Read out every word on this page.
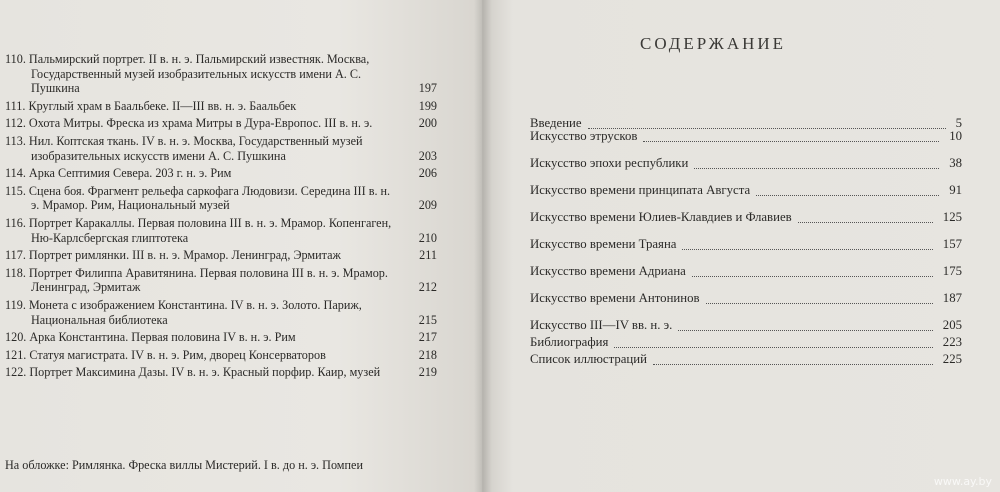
110. Пальмирский портрет. II в. н. э. Пальмирский известняк. Москва, Государственный музей изобразительных искусств имени А. С. Пушкина	197
111. Круглый храм в Баальбеке. II—III вв. н. э. Баальбек	199
112. Охота Митры. Фреска из храма Митры в Дура-Европос. III в. н. э.	200
113. Нил. Коптская ткань. IV в. н. э. Москва, Государственный музей изобразительных искусств имени А. С. Пушкина	203
114. Арка Септимия Севера. 203 г. н. э. Рим	206
115. Сцена боя. Фрагмент рельефа саркофага Людовизи. Середина III в. н. э. Мрамор. Рим, Национальный музей	209
116. Портрет Каракаллы. Первая половина III в. н. э. Мрамор. Копенгаген, Ню-Карлсбергская глиптотека	210
117. Портрет римлянки. III в. н. э. Мрамор. Ленинград, Эрмитаж	211
118. Портрет Филиппа Аравитянина. Первая половина III в. н. э. Мрамор. Ленинград, Эрмитаж	212
119. Монета с изображением Константина. IV в. н. э. Золото. Париж, Национальная библиотека	215
120. Арка Константина. Первая половина IV в. н. э. Рим	217
121. Статуя магистрата. IV в. н. э. Рим, дворец Консерваторов	218
122. Портрет Максимина Дазы. IV в. н. э. Красный порфир. Каир, музей	219
На обложке: Римлянка. Фреска виллы Мистерий. I в. до н. э. Помпеи
СОДЕРЖАНИЕ
Введение	5
Искусство этрусков	10
Искусство эпохи республики	38
Искусство времени принципата Августа	91
Искусство времени Юлиев-Клавдиев и Флавиев	125
Искусство времени Траяна	157
Искусство времени Адриана	175
Искусство времени Антонинов	187
Искусство III—IV вв. н. э.	205
Библиография	223
Список иллюстраций	225
www.ay.by
